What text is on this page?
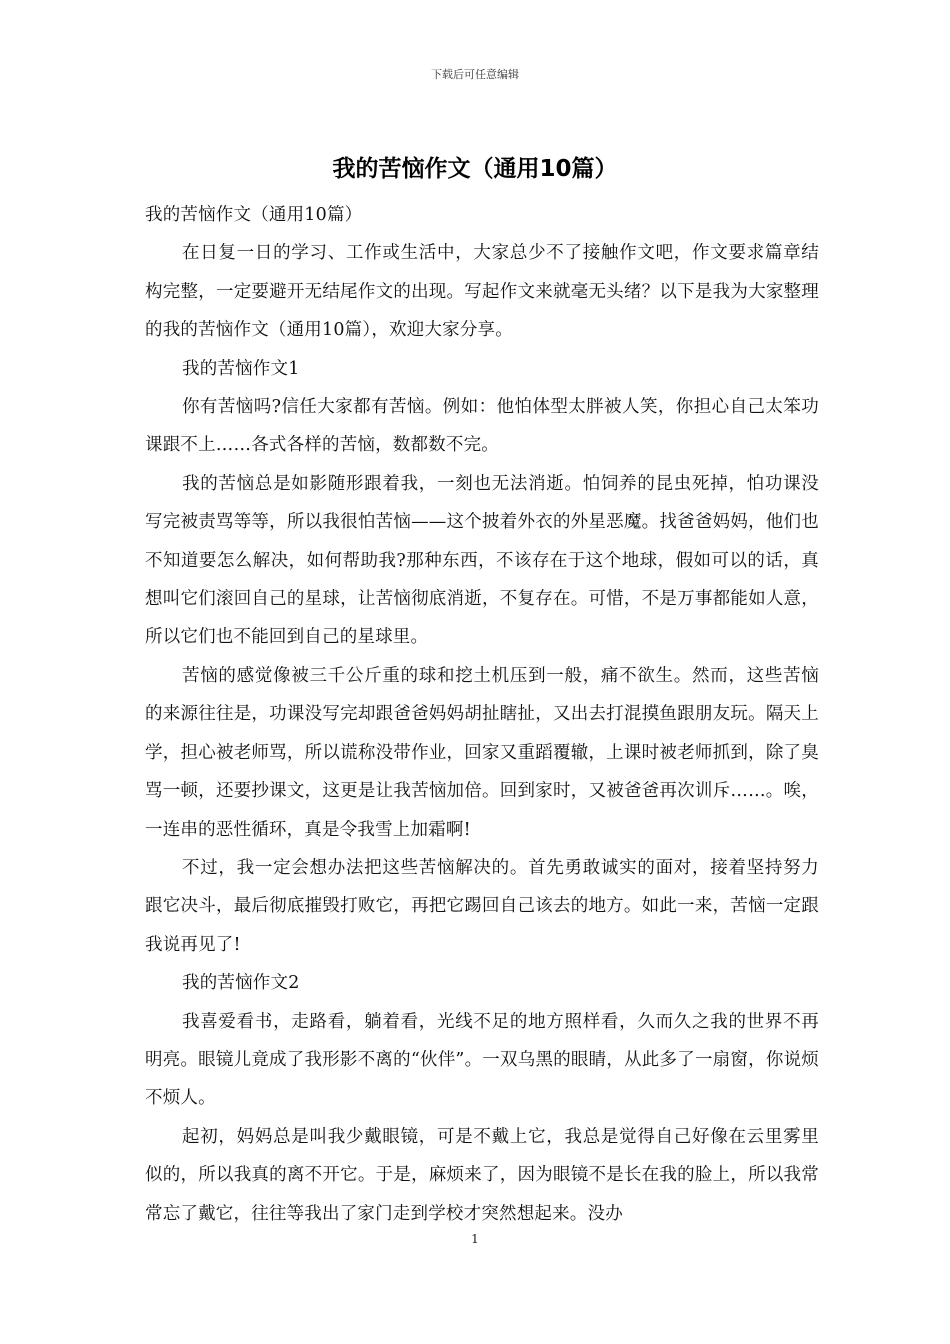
下载后可任意编辑
我的苦恼作文（通用10篇）

我的苦恼作文（通用10篇）

在日复一日的学习、工作或生活中，大家总少不了接触作文吧，作文要求篇章结构完整，一定要避开无结尾作文的出现。写起作文来就毫无头绪？以下是我为大家整理的我的苦恼作文（通用10篇），欢迎大家分享。

我的苦恼作文1

你有苦恼吗?信任大家都有苦恼。例如：他怕体型太胖被人笑，你担心自己太笨功课跟不上……各式各样的苦恼，数都数不完。

我的苦恼总是如影随形跟着我，一刻也无法消逝。怕饲养的昆虫死掉，怕功课没写完被责骂等等，所以我很怕苦恼——这个披着外衣的外星恶魔。找爸爸妈妈，他们也不知道要怎么解决，如何帮助我?那种东西，不该存在于这个地球，假如可以的话，真想叫它们滚回自己的星球，让苦恼彻底消逝，不复存在。可惜，不是万事都能如人意，所以它们也不能回到自己的星球里。

苦恼的感觉像被三千公斤重的球和挖土机压到一般，痛不欲生。然而，这些苦恼的来源往往是，功课没写完却跟爸爸妈妈胡扯瞎扯，又出去打混摸鱼跟朋友玩。隔天上学，担心被老师骂，所以谎称没带作业，回家又重蹈覆辙，上课时被老师抓到，除了臭骂一顿，还要抄课文，这更是让我苦恼加倍。回到家时，又被爸爸再次训斥……。唉，一连串的恶性循环，真是令我雪上加霜啊!

不过，我一定会想办法把这些苦恼解决的。首先勇敢诚实的面对，接着坚持努力跟它决斗，最后彻底摧毁打败它，再把它踢回自己该去的地方。如此一来，苦恼一定跟我说再见了!

我的苦恼作文2

我喜爱看书，走路看，躺着看，光线不足的地方照样看，久而久之我的世界不再明亮。眼镜儿竟成了我形影不离的“伙伴”。一双乌黑的眼睛，从此多了一扇窗，你说烦不烦人。

起初，妈妈总是叫我少戴眼镜，可是不戴上它，我总是觉得自己好像在云里雾里似的，所以我真的离不开它。于是，麻烦来了，因为眼镜不是长在我的脸上，所以我常常忘了戴它，往往等我出了家门走到学校才突然想起来。没办

1
